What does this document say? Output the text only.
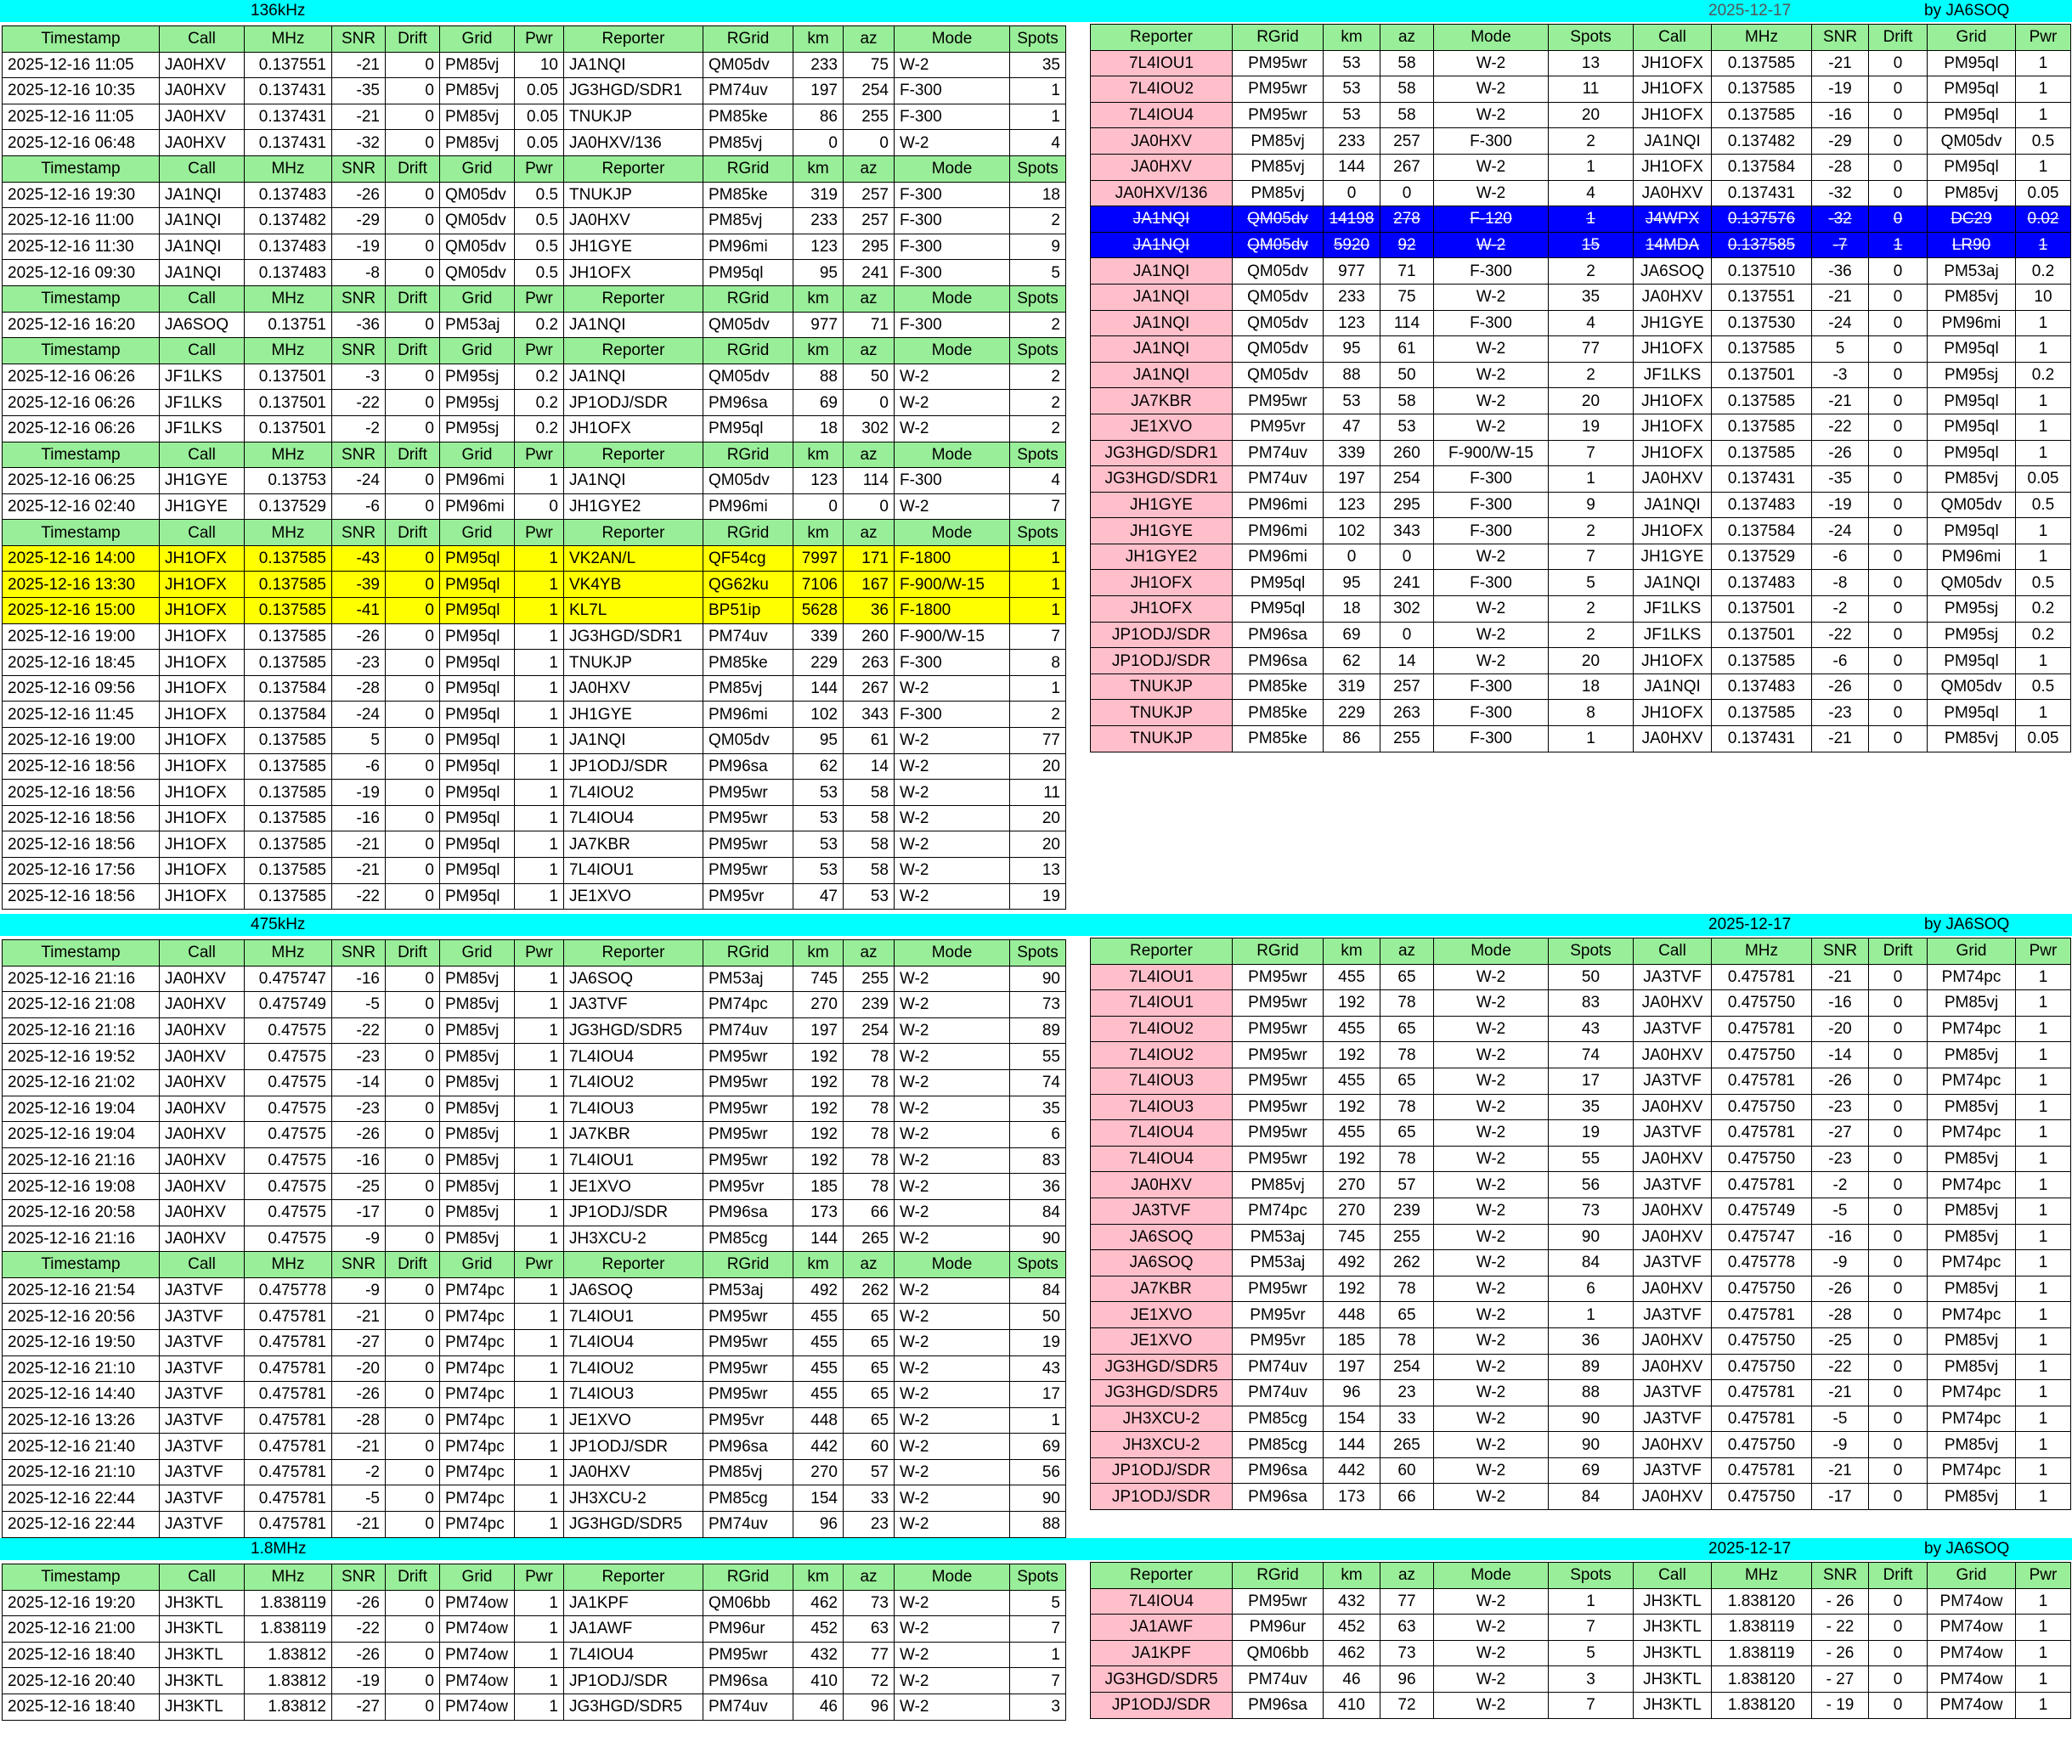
136kHz	2025-12-17	by JA6SOQ
Timestamp	Call	MHz	SNR	Drift	Grid	Pwr	Reporter	RGrid	km	az	Mode	Spots
2025-12-16 11:05	JA0HXV	0.137551	-21	0	PM85vj	10	JA1NQI	QM05dv	233	75	W-2	35
2025-12-16 10:35	JA0HXV	0.137431	-35	0	PM85vj	0.05	JG3HGD/SDR1	PM74uv	197	254	F-300	1
2025-12-16 11:05	JA0HXV	0.137431	-21	0	PM85vj	0.05	TNUKJP	PM85ke	86	255	F-300	1
2025-12-16 06:48	JA0HXV	0.137431	-32	0	PM85vj	0.05	JA0HXV/136	PM85vj	0	0	W-2	4
Timestamp	Call	MHz	SNR	Drift	Grid	Pwr	Reporter	RGrid	km	az	Mode	Spots
2025-12-16 19:30	JA1NQI	0.137483	-26	0	QM05dv	0.5	TNUKJP	PM85ke	319	257	F-300	18
2025-12-16 11:00	JA1NQI	0.137482	-29	0	QM05dv	0.5	JA0HXV	PM85vj	233	257	F-300	2
2025-12-16 11:30	JA1NQI	0.137483	-19	0	QM05dv	0.5	JH1GYE	PM96mi	123	295	F-300	9
2025-12-16 09:30	JA1NQI	0.137483	-8	0	QM05dv	0.5	JH1OFX	PM95ql	95	241	F-300	5
Timestamp	Call	MHz	SNR	Drift	Grid	Pwr	Reporter	RGrid	km	az	Mode	Spots
2025-12-16 16:20	JA6SOQ	0.13751	-36	0	PM53aj	0.2	JA1NQI	QM05dv	977	71	F-300	2
Timestamp	Call	MHz	SNR	Drift	Grid	Pwr	Reporter	RGrid	km	az	Mode	Spots
2025-12-16 06:26	JF1LKS	0.137501	-3	0	PM95sj	0.2	JA1NQI	QM05dv	88	50	W-2	2
2025-12-16 06:26	JF1LKS	0.137501	-22	0	PM95sj	0.2	JP1ODJ/SDR	PM96sa	69	0	W-2	2
2025-12-16 06:26	JF1LKS	0.137501	-2	0	PM95sj	0.2	JH1OFX	PM95ql	18	302	W-2	2
Timestamp	Call	MHz	SNR	Drift	Grid	Pwr	Reporter	RGrid	km	az	Mode	Spots
2025-12-16 06:25	JH1GYE	0.13753	-24	0	PM96mi	1	JA1NQI	QM05dv	123	114	F-300	4
2025-12-16 02:40	JH1GYE	0.137529	-6	0	PM96mi	0	JH1GYE2	PM96mi	0	0	W-2	7
Timestamp	Call	MHz	SNR	Drift	Grid	Pwr	Reporter	RGrid	km	az	Mode	Spots
2025-12-16 14:00	JH1OFX	0.137585	-43	0	PM95ql	1	VK2AN/L	QF54cg	7997	171	F-1800	1
2025-12-16 13:30	JH1OFX	0.137585	-39	0	PM95ql	1	VK4YB	QG62ku	7106	167	F-900/W-15	1
2025-12-16 15:00	JH1OFX	0.137585	-41	0	PM95ql	1	KL7L	BP51ip	5628	36	F-1800	1
2025-12-16 19:00	JH1OFX	0.137585	-26	0	PM95ql	1	JG3HGD/SDR1	PM74uv	339	260	F-900/W-15	7
2025-12-16 18:45	JH1OFX	0.137585	-23	0	PM95ql	1	TNUKJP	PM85ke	229	263	F-300	8
2025-12-16 09:56	JH1OFX	0.137584	-28	0	PM95ql	1	JA0HXV	PM85vj	144	267	W-2	1
2025-12-16 11:45	JH1OFX	0.137584	-24	0	PM95ql	1	JH1GYE	PM96mi	102	343	F-300	2
2025-12-16 19:00	JH1OFX	0.137585	5	0	PM95ql	1	JA1NQI	QM05dv	95	61	W-2	77
2025-12-16 18:56	JH1OFX	0.137585	-6	0	PM95ql	1	JP1ODJ/SDR	PM96sa	62	14	W-2	20
2025-12-16 18:56	JH1OFX	0.137585	-19	0	PM95ql	1	7L4IOU2	PM95wr	53	58	W-2	11
2025-12-16 18:56	JH1OFX	0.137585	-16	0	PM95ql	1	7L4IOU4	PM95wr	53	58	W-2	20
2025-12-16 18:56	JH1OFX	0.137585	-21	0	PM95ql	1	JA7KBR	PM95wr	53	58	W-2	20
2025-12-16 17:56	JH1OFX	0.137585	-21	0	PM95ql	1	7L4IOU1	PM95wr	53	58	W-2	13
2025-12-16 18:56	JH1OFX	0.137585	-22	0	PM95ql	1	JE1XVO	PM95vr	47	53	W-2	19
Reporter	RGrid	km	az	Mode	Spots	Call	MHz	SNR	Drift	Grid	Pwr
7L4IOU1	PM95wr	53	58	W-2	13	JH1OFX	0.137585	-21	0	PM95ql	1
7L4IOU2	PM95wr	53	58	W-2	11	JH1OFX	0.137585	-19	0	PM95ql	1
7L4IOU4	PM95wr	53	58	W-2	20	JH1OFX	0.137585	-16	0	PM95ql	1
JA0HXV	PM85vj	233	257	F-300	2	JA1NQI	0.137482	-29	0	QM05dv	0.5
JA0HXV	PM85vj	144	267	W-2	1	JH1OFX	0.137584	-28	0	PM95ql	1
JA0HXV/136	PM85vj	0	0	W-2	4	JA0HXV	0.137431	-32	0	PM85vj	0.05
JA1NQI	QM05dv	14198	278	F-120	1	J4WPX	0.137576	-32	0	DC29	0.02
JA1NQI	QM05dv	5920	92	W-2	15	14MDA	0.137585	-7	1	LR90	1
JA1NQI	QM05dv	977	71	F-300	2	JA6SOQ	0.137510	-36	0	PM53aj	0.2
JA1NQI	QM05dv	233	75	W-2	35	JA0HXV	0.137551	-21	0	PM85vj	10
JA1NQI	QM05dv	123	114	F-300	4	JH1GYE	0.137530	-24	0	PM96mi	1
JA1NQI	QM05dv	95	61	W-2	77	JH1OFX	0.137585	5	0	PM95ql	1
JA1NQI	QM05dv	88	50	W-2	2	JF1LKS	0.137501	-3	0	PM95sj	0.2
JA7KBR	PM95wr	53	58	W-2	20	JH1OFX	0.137585	-21	0	PM95ql	1
JE1XVO	PM95vr	47	53	W-2	19	JH1OFX	0.137585	-22	0	PM95ql	1
JG3HGD/SDR1	PM74uv	339	260	F-900/W-15	7	JH1OFX	0.137585	-26	0	PM95ql	1
JG3HGD/SDR1	PM74uv	197	254	F-300	1	JA0HXV	0.137431	-35	0	PM85vj	0.05
JH1GYE	PM96mi	123	295	F-300	9	JA1NQI	0.137483	-19	0	QM05dv	0.5
JH1GYE	PM96mi	102	343	F-300	2	JH1OFX	0.137584	-24	0	PM95ql	1
JH1GYE2	PM96mi	0	0	W-2	7	JH1GYE	0.137529	-6	0	PM96mi	1
JH1OFX	PM95ql	95	241	F-300	5	JA1NQI	0.137483	-8	0	QM05dv	0.5
JH1OFX	PM95ql	18	302	W-2	2	JF1LKS	0.137501	-2	0	PM95sj	0.2
JP1ODJ/SDR	PM96sa	69	0	W-2	2	JF1LKS	0.137501	-22	0	PM95sj	0.2
JP1ODJ/SDR	PM96sa	62	14	W-2	20	JH1OFX	0.137585	-6	0	PM95ql	1
TNUKJP	PM85ke	319	257	F-300	18	JA1NQI	0.137483	-26	0	QM05dv	0.5
TNUKJP	PM85ke	229	263	F-300	8	JH1OFX	0.137585	-23	0	PM95ql	1
TNUKJP	PM85ke	86	255	F-300	1	JA0HXV	0.137431	-21	0	PM85vj	0.05
475kHz	2025-12-17	by JA6SOQ
Timestamp	Call	MHz	SNR	Drift	Grid	Pwr	Reporter	RGrid	km	az	Mode	Spots
2025-12-16 21:16	JA0HXV	0.475747	-16	0	PM85vj	1	JA6SOQ	PM53aj	745	255	W-2	90
2025-12-16 21:08	JA0HXV	0.475749	-5	0	PM85vj	1	JA3TVF	PM74pc	270	239	W-2	73
2025-12-16 21:16	JA0HXV	0.47575	-22	0	PM85vj	1	JG3HGD/SDR5	PM74uv	197	254	W-2	89
2025-12-16 19:52	JA0HXV	0.47575	-23	0	PM85vj	1	7L4IOU4	PM95wr	192	78	W-2	55
2025-12-16 21:02	JA0HXV	0.47575	-14	0	PM85vj	1	7L4IOU2	PM95wr	192	78	W-2	74
2025-12-16 19:04	JA0HXV	0.47575	-23	0	PM85vj	1	7L4IOU3	PM95wr	192	78	W-2	35
2025-12-16 19:04	JA0HXV	0.47575	-26	0	PM85vj	1	JA7KBR	PM95wr	192	78	W-2	6
2025-12-16 21:16	JA0HXV	0.47575	-16	0	PM85vj	1	7L4IOU1	PM95wr	192	78	W-2	83
2025-12-16 19:08	JA0HXV	0.47575	-25	0	PM85vj	1	JE1XVO	PM95vr	185	78	W-2	36
2025-12-16 20:58	JA0HXV	0.47575	-17	0	PM85vj	1	JP1ODJ/SDR	PM96sa	173	66	W-2	84
2025-12-16 21:16	JA0HXV	0.47575	-9	0	PM85vj	1	JH3XCU-2	PM85cg	144	265	W-2	90
Timestamp	Call	MHz	SNR	Drift	Grid	Pwr	Reporter	RGrid	km	az	Mode	Spots
2025-12-16 21:54	JA3TVF	0.475778	-9	0	PM74pc	1	JA6SOQ	PM53aj	492	262	W-2	84
2025-12-16 20:56	JA3TVF	0.475781	-21	0	PM74pc	1	7L4IOU1	PM95wr	455	65	W-2	50
2025-12-16 19:50	JA3TVF	0.475781	-27	0	PM74pc	1	7L4IOU4	PM95wr	455	65	W-2	19
2025-12-16 21:10	JA3TVF	0.475781	-20	0	PM74pc	1	7L4IOU2	PM95wr	455	65	W-2	43
2025-12-16 14:40	JA3TVF	0.475781	-26	0	PM74pc	1	7L4IOU3	PM95wr	455	65	W-2	17
2025-12-16 13:26	JA3TVF	0.475781	-28	0	PM74pc	1	JE1XVO	PM95vr	448	65	W-2	1
2025-12-16 21:40	JA3TVF	0.475781	-21	0	PM74pc	1	JP1ODJ/SDR	PM96sa	442	60	W-2	69
2025-12-16 21:10	JA3TVF	0.475781	-2	0	PM74pc	1	JA0HXV	PM85vj	270	57	W-2	56
2025-12-16 22:44	JA3TVF	0.475781	-5	0	PM74pc	1	JH3XCU-2	PM85cg	154	33	W-2	90
2025-12-16 22:44	JA3TVF	0.475781	-21	0	PM74pc	1	JG3HGD/SDR5	PM74uv	96	23	W-2	88
Reporter	RGrid	km	az	Mode	Spots	Call	MHz	SNR	Drift	Grid	Pwr
7L4IOU1	PM95wr	455	65	W-2	50	JA3TVF	0.475781	-21	0	PM74pc	1
7L4IOU1	PM95wr	192	78	W-2	83	JA0HXV	0.475750	-16	0	PM85vj	1
7L4IOU2	PM95wr	455	65	W-2	43	JA3TVF	0.475781	-20	0	PM74pc	1
7L4IOU2	PM95wr	192	78	W-2	74	JA0HXV	0.475750	-14	0	PM85vj	1
7L4IOU3	PM95wr	455	65	W-2	17	JA3TVF	0.475781	-26	0	PM74pc	1
7L4IOU3	PM95wr	192	78	W-2	35	JA0HXV	0.475750	-23	0	PM85vj	1
7L4IOU4	PM95wr	455	65	W-2	19	JA3TVF	0.475781	-27	0	PM74pc	1
7L4IOU4	PM95wr	192	78	W-2	55	JA0HXV	0.475750	-23	0	PM85vj	1
JA0HXV	PM85vj	270	57	W-2	56	JA3TVF	0.475781	-2	0	PM74pc	1
JA3TVF	PM74pc	270	239	W-2	73	JA0HXV	0.475749	-5	0	PM85vj	1
JA6SOQ	PM53aj	745	255	W-2	90	JA0HXV	0.475747	-16	0	PM85vj	1
JA6SOQ	PM53aj	492	262	W-2	84	JA3TVF	0.475778	-9	0	PM74pc	1
JA7KBR	PM95wr	192	78	W-2	6	JA0HXV	0.475750	-26	0	PM85vj	1
JE1XVO	PM95vr	448	65	W-2	1	JA3TVF	0.475781	-28	0	PM74pc	1
JE1XVO	PM95vr	185	78	W-2	36	JA0HXV	0.475750	-25	0	PM85vj	1
JG3HGD/SDR5	PM74uv	197	254	W-2	89	JA0HXV	0.475750	-22	0	PM85vj	1
JG3HGD/SDR5	PM74uv	96	23	W-2	88	JA3TVF	0.475781	-21	0	PM74pc	1
JH3XCU-2	PM85cg	154	33	W-2	90	JA3TVF	0.475781	-5	0	PM74pc	1
JH3XCU-2	PM85cg	144	265	W-2	90	JA0HXV	0.475750	-9	0	PM85vj	1
JP1ODJ/SDR	PM96sa	442	60	W-2	69	JA3TVF	0.475781	-21	0	PM74pc	1
JP1ODJ/SDR	PM96sa	173	66	W-2	84	JA0HXV	0.475750	-17	0	PM85vj	1
1.8MHz	2025-12-17	by JA6SOQ
Timestamp	Call	MHz	SNR	Drift	Grid	Pwr	Reporter	RGrid	km	az	Mode	Spots
2025-12-16 19:20	JH3KTL	1.838119	-26	0	PM74ow	1	JA1KPF	QM06bb	462	73	W-2	5
2025-12-16 21:00	JH3KTL	1.838119	-22	0	PM74ow	1	JA1AWF	PM96ur	452	63	W-2	7
2025-12-16 18:40	JH3KTL	1.83812	-26	0	PM74ow	1	7L4IOU4	PM95wr	432	77	W-2	1
2025-12-16 20:40	JH3KTL	1.83812	-19	0	PM74ow	1	JP1ODJ/SDR	PM96sa	410	72	W-2	7
2025-12-16 18:40	JH3KTL	1.83812	-27	0	PM74ow	1	JG3HGD/SDR5	PM74uv	46	96	W-2	3
Reporter	RGrid	km	az	Mode	Spots	Call	MHz	SNR	Drift	Grid	Pwr
7L4IOU4	PM95wr	432	77	W-2	1	JH3KTL	1.838120	- 26	0	PM74ow	1
JA1AWF	PM96ur	452	63	W-2	7	JH3KTL	1.838119	- 22	0	PM74ow	1
JA1KPF	QM06bb	462	73	W-2	5	JH3KTL	1.838119	- 26	0	PM74ow	1
JG3HGD/SDR5	PM74uv	46	96	W-2	3	JH3KTL	1.838120	- 27	0	PM74ow	1
JP1ODJ/SDR	PM96sa	410	72	W-2	7	JH3KTL	1.838120	- 19	0	PM74ow	1
